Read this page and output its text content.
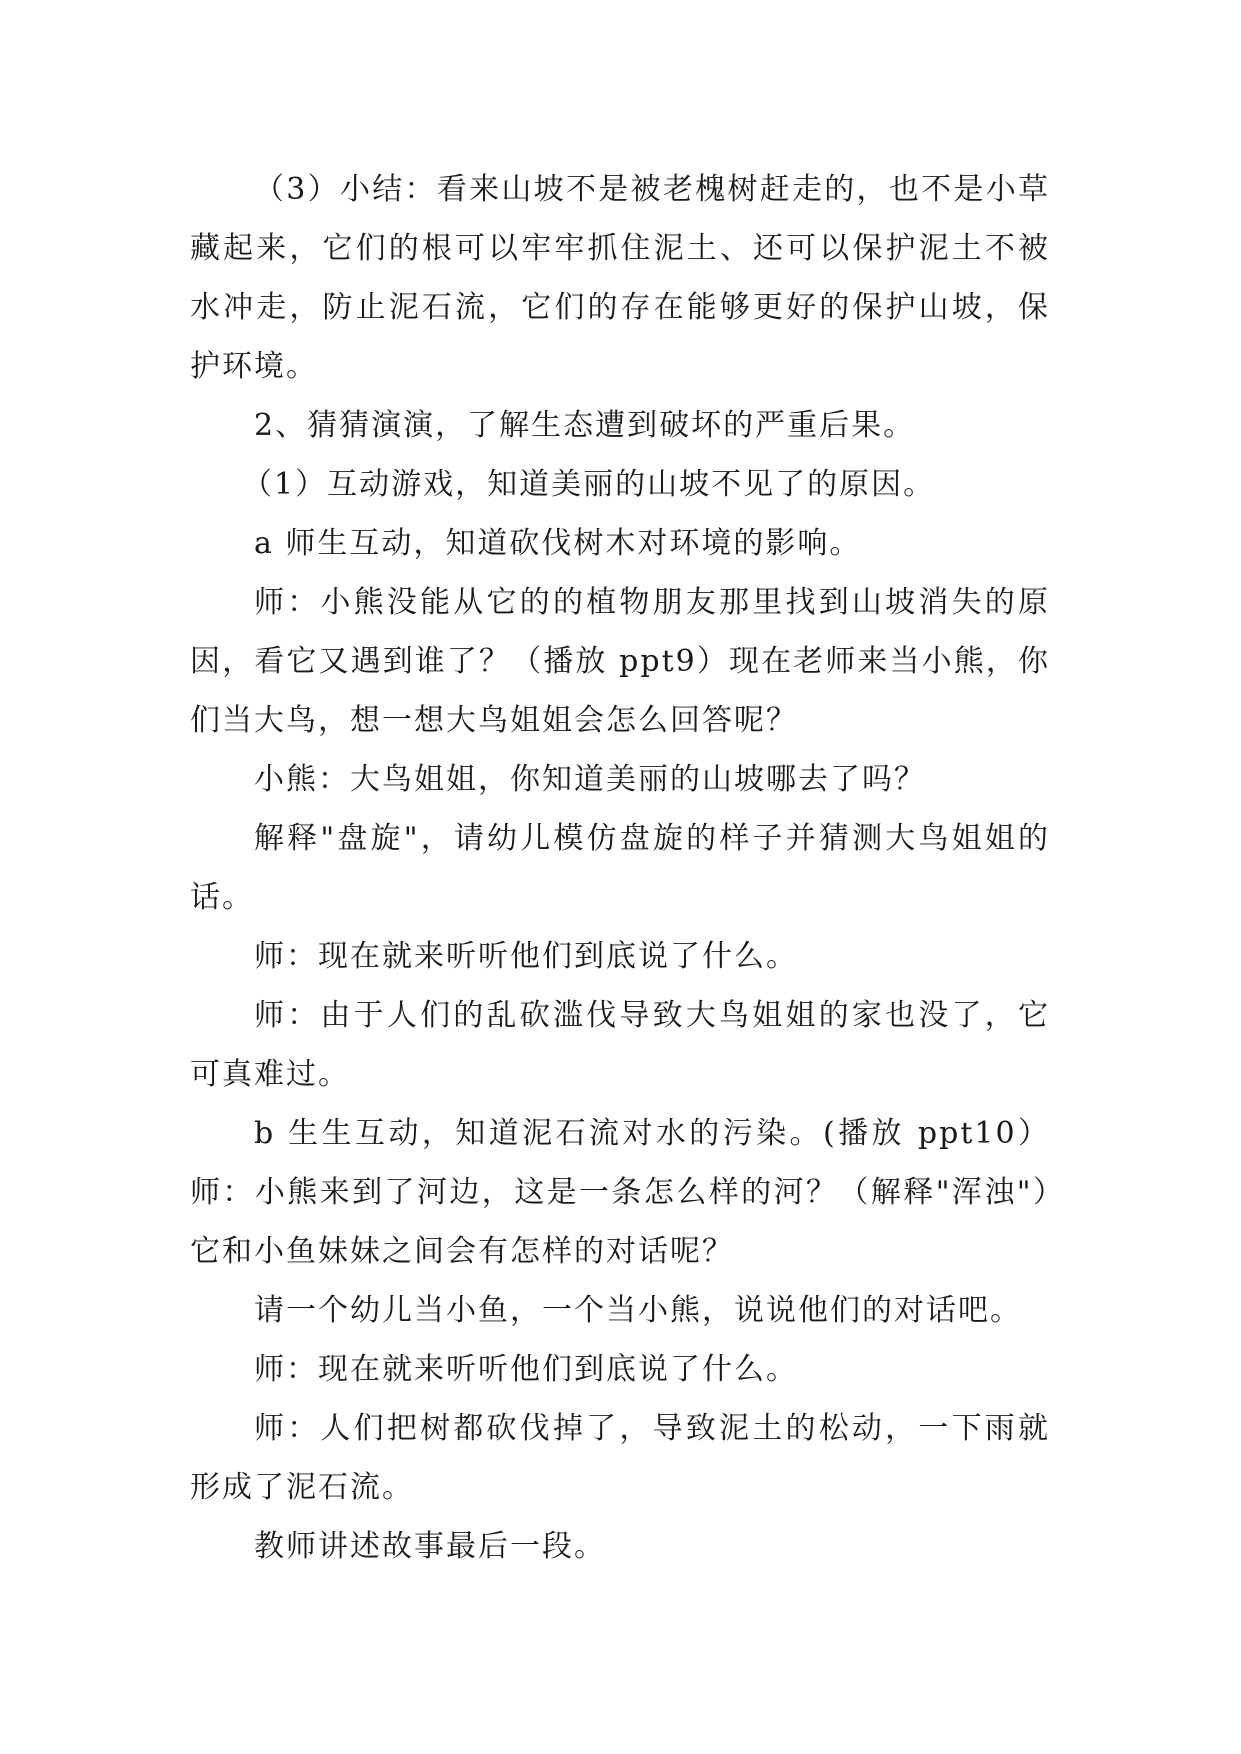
（3）小结：看来山坡不是被老槐树赶走的，也不是小草藏起来，它们的根可以牢牢抓住泥土、还可以保护泥土不被水冲走，防止泥石流，它们的存在能够更好的保护山坡，保护环境。

2、猜猜演演，了解生态遭到破坏的严重后果。

（1）互动游戏，知道美丽的山坡不见了的原因。

a 师生互动，知道砍伐树木对环境的影响。

师：小熊没能从它的的植物朋友那里找到山坡消失的原因，看它又遇到谁了？（播放 ppt9）现在老师来当小熊，你们当大鸟，想一想大鸟姐姐会怎么回答呢？

小熊：大鸟姐姐，你知道美丽的山坡哪去了吗？

解释"盘旋"，请幼儿模仿盘旋的样子并猜测大鸟姐姐的话。

师：现在就来听听他们到底说了什么。

师：由于人们的乱砍滥伐导致大鸟姐姐的家也没了，它可真难过。

b 生生互动，知道泥石流对水的污染。(播放 ppt10）师：小熊来到了河边，这是一条怎么样的河？（解释"浑浊"）它和小鱼妹妹之间会有怎样的对话呢？

请一个幼儿当小鱼，一个当小熊，说说他们的对话吧。

师：现在就来听听他们到底说了什么。

师：人们把树都砍伐掉了，导致泥土的松动，一下雨就形成了泥石流。

教师讲述故事最后一段。
